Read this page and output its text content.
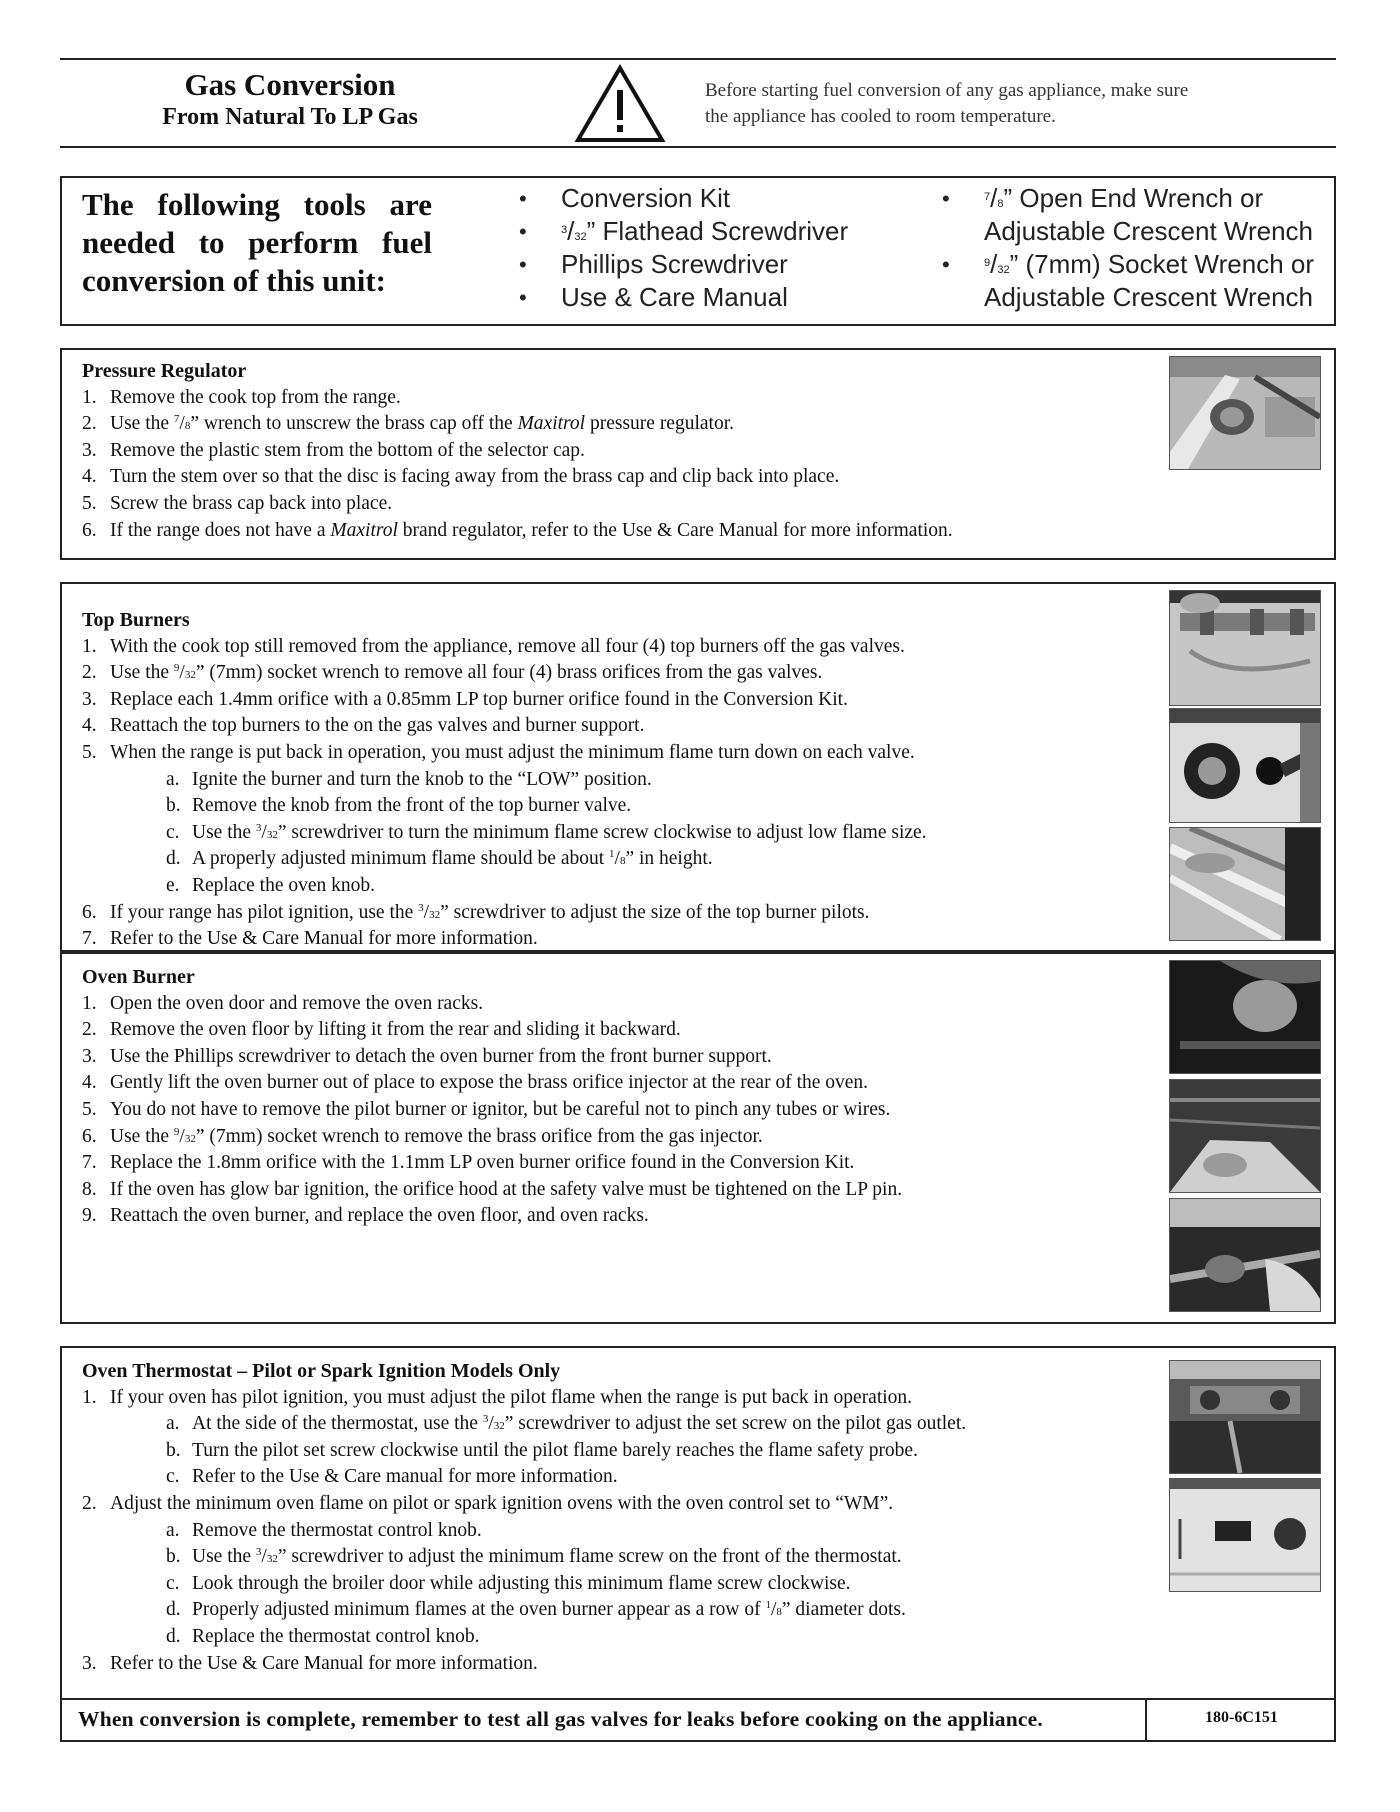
Gas Conversion
From Natural To LP Gas
Before starting fuel conversion of any gas appliance, make sure
the appliance has cooled to room temperature.
The following tools are
needed to perform fuel
conversion of this unit:
• Conversion Kit
• $^3$/32” Flathead Screwdriver
• Phillips Screwdriver
• Use & Care Manual
• $^7$/8” Open End Wrench or
Adjustable Crescent Wrench
• $^9$/32” (7mm) Socket Wrench or
Adjustable Crescent Wrench
Pressure Regulator
1. Remove the cook top from the range.
2. Use the $^7$/8” wrench to unscrew the brass cap off the Maxitrol pressure regulator.
3. Remove the plastic stem from the bottom of the selector cap.
4. Turn the stem over so that the disc is facing away from the brass cap and clip back into place.
5. Screw the brass cap back into place.
6. If the range does not have a Maxitrol brand regulator, refer to the Use & Care Manual for more information.
Top Burners
1. With the cook top still removed from the appliance, remove all four (4) top burners off the gas valves.
2. Use the $^9$/32” (7mm) socket wrench to remove all four (4) brass orifices from the gas valves.
3. Replace each 1.4mm orifice with a 0.85mm LP top burner orifice found in the Conversion Kit.
4. Reattach the top burners to the on the gas valves and burner support.
5. When the range is put back in operation, you must adjust the minimum flame turn down on each valve.
a. Ignite the burner and turn the knob to the “LOW” position.
b. Remove the knob from the front of the top burner valve.
c. Use the $^3$/32” screwdriver to turn the minimum flame screw clockwise to adjust low flame size.
d. A properly adjusted minimum flame should be about $^1$/8” in height.
e. Replace the oven knob.
6. If your range has pilot ignition, use the $^3$/32” screwdriver to adjust the size of the top burner pilots.
7. Refer to the Use & Care Manual for more information.
Oven Burner
1. Open the oven door and remove the oven racks.
2. Remove the oven floor by lifting it from the rear and sliding it backward.
3. Use the Phillips screwdriver to detach the oven burner from the front burner support.
4. Gently lift the oven burner out of place to expose the brass orifice injector at the rear of the oven.
5. You do not have to remove the pilot burner or ignitor, but be careful not to pinch any tubes or wires.
6. Use the $^9$/32” (7mm) socket wrench to remove the brass orifice from the gas injector.
7. Replace the 1.8mm orifice with the 1.1mm LP oven burner orifice found in the Conversion Kit.
8. If the oven has glow bar ignition, the orifice hood at the safety valve must be tightened on the LP pin.
9. Reattach the oven burner, and replace the oven floor, and oven racks.
Oven Thermostat – Pilot or Spark Ignition Models Only
1. If your oven has pilot ignition, you must adjust the pilot flame when the range is put back in operation.
a. At the side of the thermostat, use the $^3$/32” screwdriver to adjust the set screw on the pilot gas outlet.
b. Turn the pilot set screw clockwise until the pilot flame barely reaches the flame safety probe.
c. Refer to the Use & Care manual for more information.
2. Adjust the minimum oven flame on pilot or spark ignition ovens with the oven control set to “WM”.
a. Remove the thermostat control knob.
b. Use the $^3$/32” screwdriver to adjust the minimum flame screw on the front of the thermostat.
c. Look through the broiler door while adjusting this minimum flame screw clockwise.
d. Properly adjusted minimum flames at the oven burner appear as a row of $^1$/8” diameter dots.
d. Replace the thermostat control knob.
3. Refer to the Use & Care Manual for more information.
When conversion is complete, remember to test all gas valves for leaks before cooking on the appliance.	180-6C151
